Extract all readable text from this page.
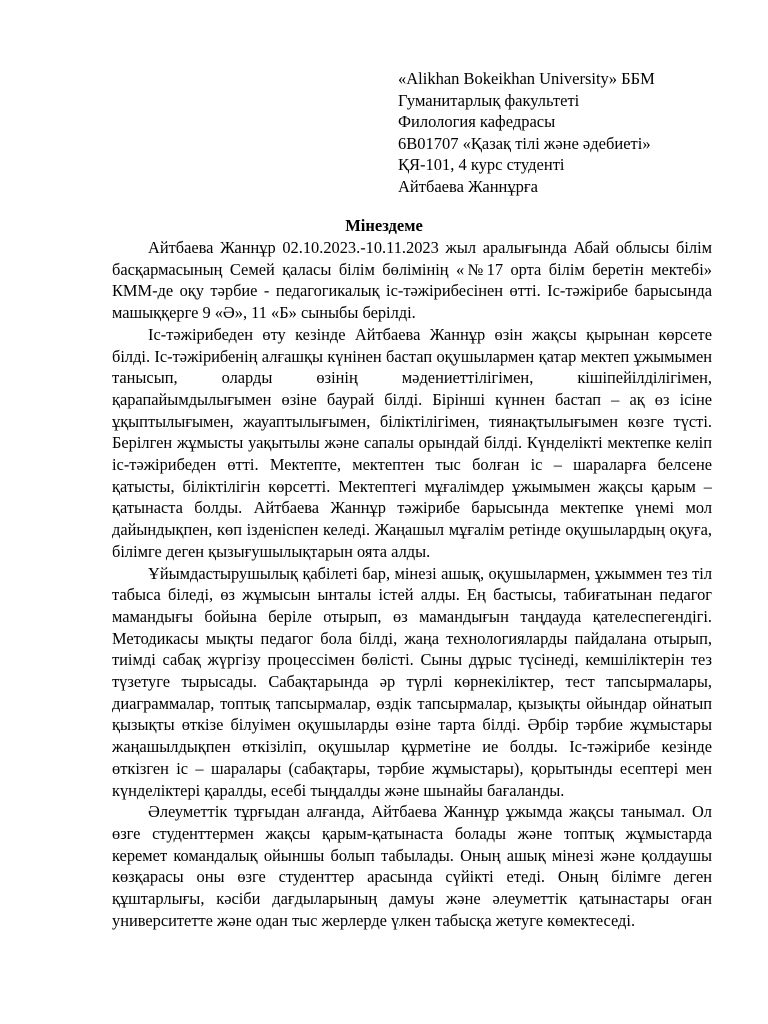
«Alikhan Bokeikhan University» ББМ
Гуманитарлық факультеті
Филология кафедрасы
6В01707 «Қазақ тілі және әдебиеті»
ҚЯ-101, 4 курс студенті
Айтбаева Жаннұрға
Мінездеме

Айтбаева Жаннұр 02.10.2023.-10.11.2023 жыл аралығында Абай облысы білім басқармасының Семей қаласы білім бөлімінің «№17 орта білім беретін мектебі» КММ-де оқу тәрбие - педагогикалық іс-тәжірибесінен өтті. Іс-тәжірибе барысында машыққерге 9 «Ә», 11 «Б» сыныбы берілді.

Іс-тәжірибеден өту кезінде Айтбаева Жаннұр өзін жақсы қырынан көрсете білді. Іс-тәжірибенің алғашқы күнінен бастап оқушылармен қатар мектеп ұжымымен танысып, оларды өзінің мәдениеттілігімен, кішіпейілділігімен, қарапайымдылығымен өзіне баурай білді. Бірінші күннен бастап – ақ өз ісіне ұқыптылығымен, жауаптылығымен, біліктілігімен, тиянақтылығымен көзге түсті. Берілген жұмысты уақытылы және сапалы орындай білді. Күнделікті мектепке келіп іс-тәжірибеден өтті. Мектепте, мектептен тыс болған іс – шараларға белсене қатысты, біліктілігін көрсетті. Мектептегі мұғалімдер ұжымымен жақсы қарым – қатынаста болды. Айтбаева Жаннұр тәжірибе барысында мектепке үнемі мол дайындықпен, көп ізденіспен келеді. Жаңашыл мұғалім ретінде оқушылардың оқуға, білімге деген қызығушылықтарын оята алды.

Ұйымдастырушылық қабілеті бар, мінезі ашық, оқушылармен, ұжыммен тез тіл табыса біледі, өз жұмысын ынталы істей алды. Ең бастысы, табиғатынан педагог мамандығы бойына беріле отырып, өз мамандығын таңдауда қателеспегендігі. Методикасы мықты педагог бола білді, жаңа технологияларды пайдалана отырып, тиімді сабақ жүргізу процессімен бөлісті. Сыны дұрыс түсінеді, кемшіліктерін тез түзетуге тырысады. Сабақтарында әр түрлі көрнекіліктер, тест тапсырмалары, диаграммалар, топтық тапсырмалар, өздік тапсырмалар, қызықты ойындар ойнатып қызықты өткізе білуімен оқушыларды өзіне тарта білді. Әрбір тәрбие жұмыстары жаңашылдықпен өткізіліп, оқушылар құрметіне ие болды. Іс-тәжірибе кезінде өткізген іс – шаралары (сабақтары, тәрбие жұмыстары), қорытынды есептері мен күнделіктері қаралды, есебі тыңдалды және шынайы бағаланды.

Әлеуметтік тұрғыдан алғанда, Айтбаева Жаннұр ұжымда жақсы танымал. Ол өзге студенттермен жақсы қарым-қатынаста болады және топтық жұмыстарда керемет командалық ойыншы болып табылады. Оның ашық мінезі және қолдаушы көзқарасы оны өзге студенттер арасында сүйікті етеді. Оның білімге деген құштарлығы, кәсіби дағдыларының дамуы және әлеуметтік қатынастары оған университетте және одан тыс жерлерде үлкен табысқа жетуге көмектеседі.
